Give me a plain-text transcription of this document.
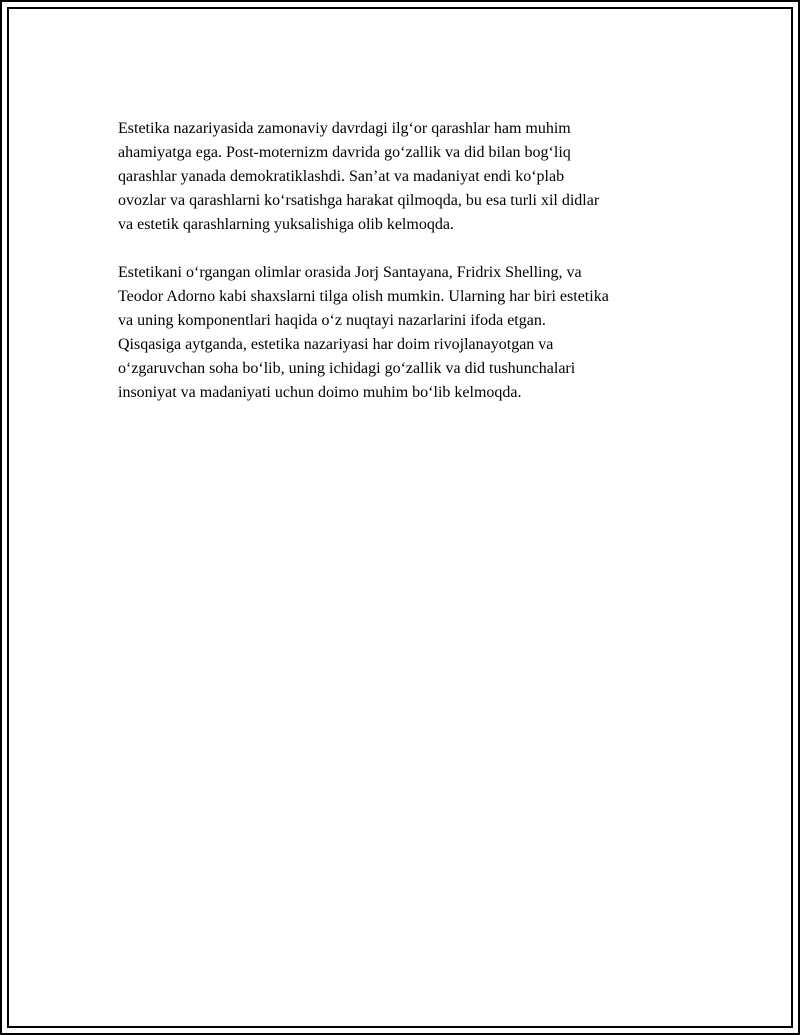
Estetika nazariyasida zamonaviy davrdagi ilg‘or qarashlar ham muhim
ahamiyatga ega. Post-moternizm davrida go‘zallik va did bilan bog‘liq
qarashlar yanada demokratiklashdi. San’at va madaniyat endi ko‘plab
ovozlar va qarashlarni ko‘rsatishga harakat qilmoqda, bu esa turli xil didlar
va estetik qarashlarning yuksalishiga olib kelmoqda.

Estetikani o‘rgangan olimlar orasida Jorj Santayana, Fridrix Shelling, va
Teodor Adorno kabi shaxslarni tilga olish mumkin. Ularning har biri estetika
va uning komponentlari haqida o‘z nuqtayi nazarlarini ifoda etgan.
Qisqasiga aytganda, estetika nazariyasi har doim rivojlanayotgan va
o‘zgaruvchan soha bo‘lib, uning ichidagi go‘zallik va did tushunchalari
insoniyat va madaniyati uchun doimo muhim bo‘lib kelmoqda.
